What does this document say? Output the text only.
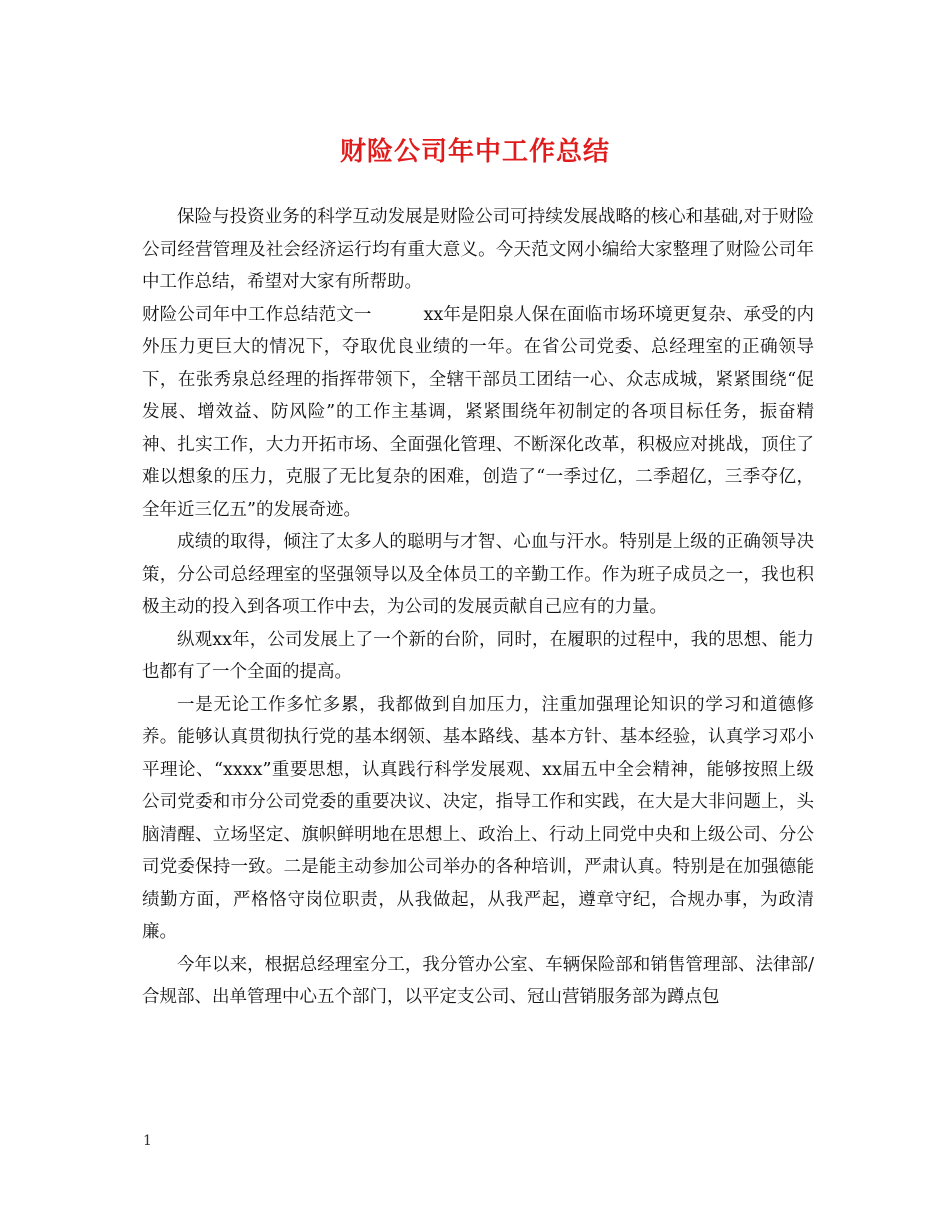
财险公司年中工作总结

保险与投资业务的科学互动发展是财险公司可持续发展战略的核心和基础,对于财险公司经营管理及社会经济运行均有重大意义。今天范文网小编给大家整理了财险公司年中工作总结，希望对大家有所帮助。

财险公司年中工作总结范文一	xx年是阳泉人保在面临市场环境更复杂、承受的内外压力更巨大的情况下，夺取优良业绩的一年。在省公司党委、总经理室的正确领导下，在张秀泉总经理的指挥带领下，全辖干部员工团结一心、众志成城，紧紧围绕“促发展、增效益、防风险”的工作主基调，紧紧围绕年初制定的各项目标任务，振奋精神、扎实工作，大力开拓市场、全面强化管理、不断深化改革，积极应对挑战，顶住了难以想象的压力，克服了无比复杂的困难，创造了“一季过亿，二季超亿，三季夺亿，全年近三亿五”的发展奇迹。

成绩的取得，倾注了太多人的聪明与才智、心血与汗水。特别是上级的正确领导决策，分公司总经理室的坚强领导以及全体员工的辛勤工作。作为班子成员之一，我也积极主动的投入到各项工作中去，为公司的发展贡献自己应有的力量。

纵观xx年，公司发展上了一个新的台阶，同时，在履职的过程中，我的思想、能力也都有了一个全面的提高。

一是无论工作多忙多累，我都做到自加压力，注重加强理论知识的学习和道德修养。能够认真贯彻执行党的基本纲领、基本路线、基本方针、基本经验，认真学习邓小平理论、“xxxx”重要思想，认真践行科学发展观、xx届五中全会精神，能够按照上级公司党委和市分公司党委的重要决议、决定，指导工作和实践，在大是大非问题上，头脑清醒、立场坚定、旗帜鲜明地在思想上、政治上、行动上同党中央和上级公司、分公司党委保持一致。二是能主动参加公司举办的各种培训，严肃认真。特别是在加强德能绩勤方面，严格恪守岗位职责，从我做起，从我严起，遵章守纪，合规办事，为政清廉。

今年以来，根据总经理室分工，我分管办公室、车辆保险部和销售管理部、法律部/合规部、出单管理中心五个部门，以平定支公司、冠山营销服务部为蹲点包

1
